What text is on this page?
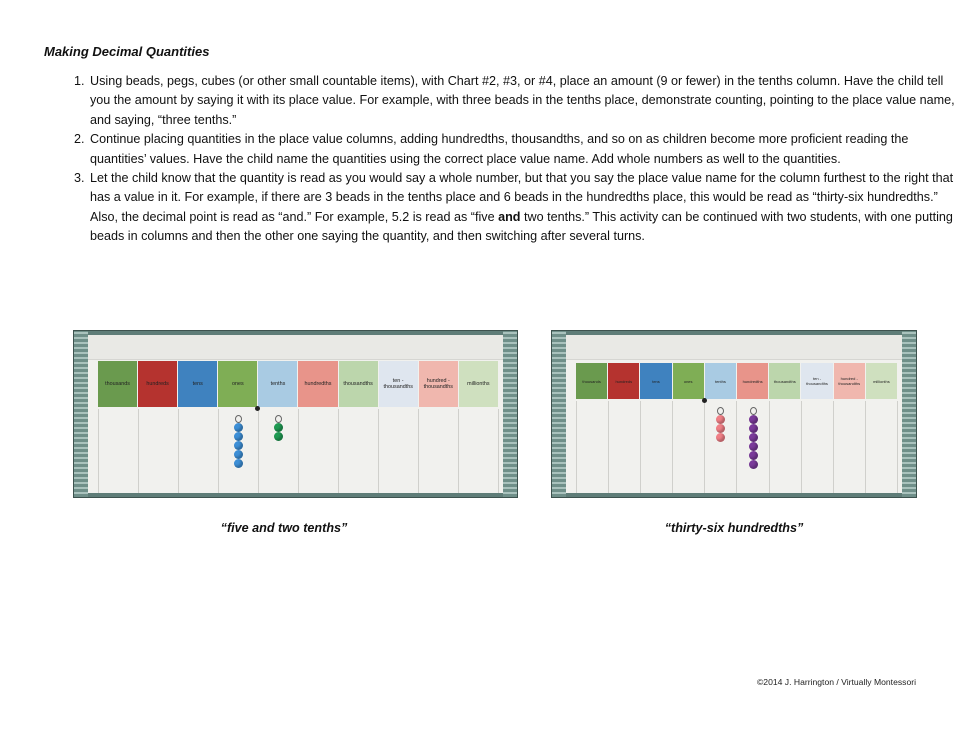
Making Decimal Quantities
1. Using beads, pegs, cubes (or other small countable items), with Chart #2, #3, or #4, place an amount (9 or fewer) in the tenths column. Have the child tell you the amount by saying it with its place value. For example, with three beads in the tenths place, demonstrate counting, pointing to the place value name, and saying, “three tenths.”
2. Continue placing quantities in the place value columns, adding hundredths, thousandths, and so on as children become more proficient reading the quantities’ values. Have the child name the quantities using the correct place value name. Add whole numbers as well to the quantities.
3. Let the child know that the quantity is read as you would say a whole number, but that you say the place value name for the column furthest to the right that has a value in it. For example, if there are 3 beads in the tenths place and 6 beads in the hundredths place, this would be read as “thirty-six hundredths.” Also, the decimal point is read as “and.” For example, 5.2 is read as “five and two tenths.” This activity can be continued with two students, with one putting beads in columns and then the other one saying the quantity, and then switching after several turns.
thousands	hundreds	tens	ones	tenths	hundredths	thousandths	ten - thousandths
hundred - thousandths	millionths	thousands	hundreds	tens	ones	tenths	hundredths	thousandths	ten - thousandths
hundred - thousandths	millionths
“five and two tenths”	“thirty-six hundredths”
©2014 J. Harrington / Virtually Montessori
